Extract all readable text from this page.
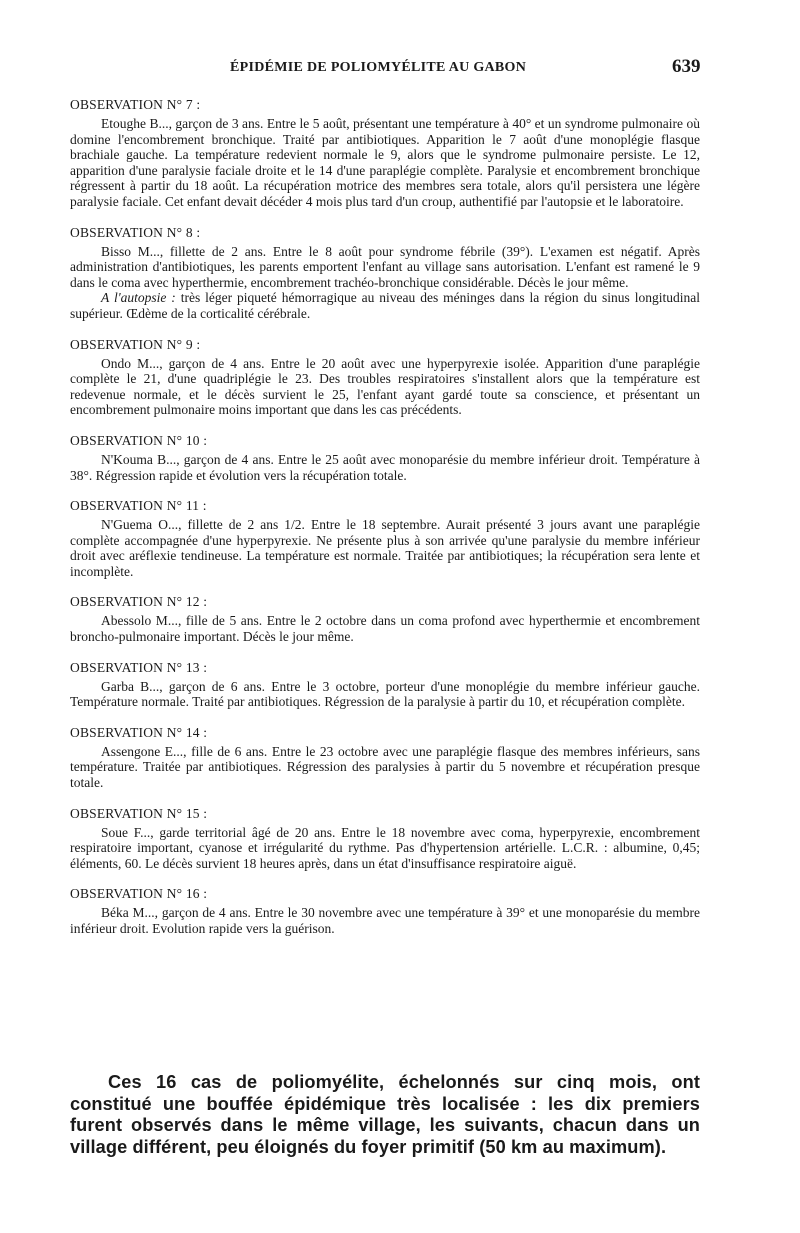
ÉPIDÉMIE DE POLIOMYÉLITE AU GABON	639
OBSERVATION N° 7 :

Etoughe B..., garçon de 3 ans. Entre le 5 août, présentant une température à 40° et un syndrome pulmonaire où domine l'encombrement bronchique. Traité par antibiotiques. Apparition le 7 août d'une monoplégie flasque brachiale gauche. La température redevient normale le 9, alors que le syndrome pulmonaire persiste. Le 12, apparition d'une paralysie faciale droite et le 14 d'une paraplégie complète. Paralysie et encombrement bronchique régressent à partir du 18 août. La récupération motrice des membres sera totale, alors qu'il persistera une légère paralysie faciale. Cet enfant devait décéder 4 mois plus tard d'un croup, authentifié par l'autopsie et le laboratoire.

OBSERVATION N° 8 :

Bisso M..., fillette de 2 ans. Entre le 8 août pour syndrome fébrile (39°). L'examen est négatif. Après administration d'antibiotiques, les parents emportent l'enfant au village sans autorisation. L'enfant est ramené le 9 dans le coma avec hyperthermie, encombrement trachéo-bronchique considérable. Décès le jour même.

A l'autopsie : très léger piqueté hémorragique au niveau des méninges dans la région du sinus longitudinal supérieur. Œdème de la corticalité cérébrale.

OBSERVATION N° 9 :

Ondo M..., garçon de 4 ans. Entre le 20 août avec une hyperpyrexie isolée. Apparition d'une paraplégie complète le 21, d'une quadriplégie le 23. Des troubles respiratoires s'installent alors que la température est redevenue normale, et le décès survient le 25, l'enfant ayant gardé toute sa conscience, et présentant un encombrement pulmonaire moins important que dans les cas précédents.

OBSERVATION N° 10 :

N'Kouma B..., garçon de 4 ans. Entre le 25 août avec monoparésie du membre inférieur droit. Température à 38°. Régression rapide et évolution vers la récupération totale.

OBSERVATION N° 11 :

N'Guema O..., fillette de 2 ans 1/2. Entre le 18 septembre. Aurait présenté 3 jours avant une paraplégie complète accompagnée d'une hyperpyrexie. Ne présente plus à son arrivée qu'une paralysie du membre inférieur droit avec aréflexie tendineuse. La température est normale. Traitée par antibiotiques; la récupération sera lente et incomplète.

OBSERVATION N° 12 :

Abessolo M..., fille de 5 ans. Entre le 2 octobre dans un coma profond avec hyperthermie et encombrement broncho-pulmonaire important. Décès le jour même.

OBSERVATION N° 13 :

Garba B..., garçon de 6 ans. Entre le 3 octobre, porteur d'une monoplégie du membre inférieur gauche. Température normale. Traité par antibiotiques. Régression de la paralysie à partir du 10, et récupération complète.

OBSERVATION N° 14 :

Assengone E..., fille de 6 ans. Entre le 23 octobre avec une paraplégie flasque des membres inférieurs, sans température. Traitée par antibiotiques. Régression des paralysies à partir du 5 novembre et récupération presque totale.

OBSERVATION N° 15 :

Soue F..., garde territorial âgé de 20 ans. Entre le 18 novembre avec coma, hyperpyrexie, encombrement respiratoire important, cyanose et irrégularité du rythme. Pas d'hypertension artérielle. L.C.R. : albumine, 0,45; éléments, 60. Le décès survient 18 heures après, dans un état d'insuffisance respiratoire aiguë.

OBSERVATION N° 16 :

Béka M..., garçon de 4 ans. Entre le 30 novembre avec une température à 39° et une monoparésie du membre inférieur droit. Evolution rapide vers la guérison.

Ces 16 cas de poliomyélite, échelonnés sur cinq mois, ont constitué une bouffée épidémique très localisée : les dix premiers furent observés dans le même village, les suivants, chacun dans un village différent, peu éloignés du foyer primitif (50 km au maximum).
